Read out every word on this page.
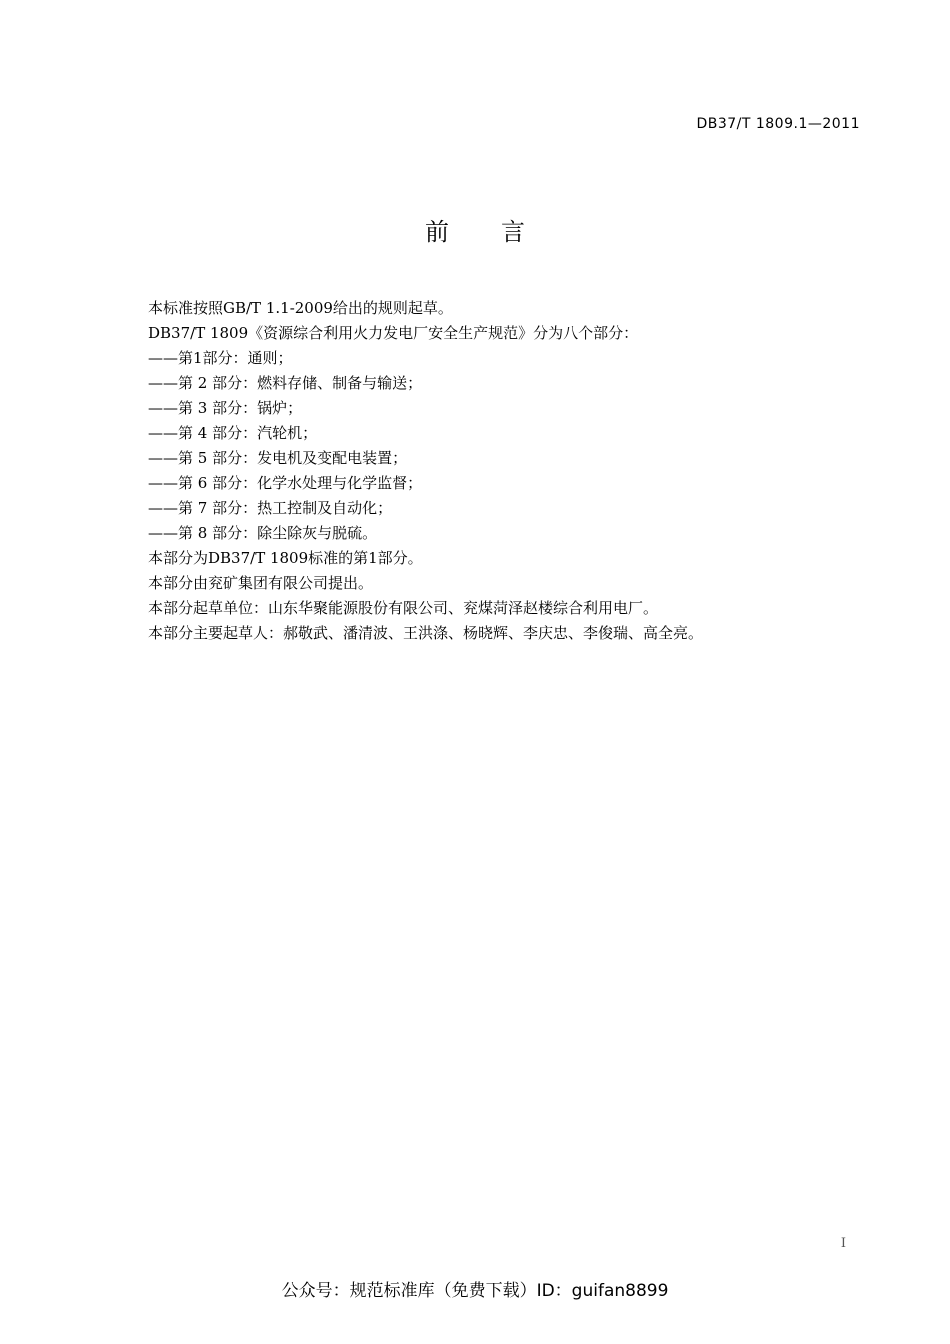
DB37/T 1809.1—2011
前 言
本标准按照GB/T 1.1-2009给出的规则起草。
DB37/T 1809《资源综合利用火力发电厂安全生产规范》分为八个部分：
——第1部分：通则；
——第 2 部分：燃料存储、制备与输送；
——第 3 部分：锅炉；
——第 4 部分：汽轮机；
——第 5 部分：发电机及变配电装置；
——第 6 部分：化学水处理与化学监督；
——第 7 部分：热工控制及自动化；
——第 8 部分：除尘除灰与脱硫。
本部分为DB37/T 1809标准的第1部分。
本部分由兖矿集团有限公司提出。
本部分起草单位：山东华聚能源股份有限公司、兖煤菏泽赵楼综合利用电厂。
本部分主要起草人：郝敬武、潘清波、王洪涤、杨晓辉、李庆忠、李俊瑞、高全亮。
I
公众号：规范标准库（免费下载）ID：guifan8899
